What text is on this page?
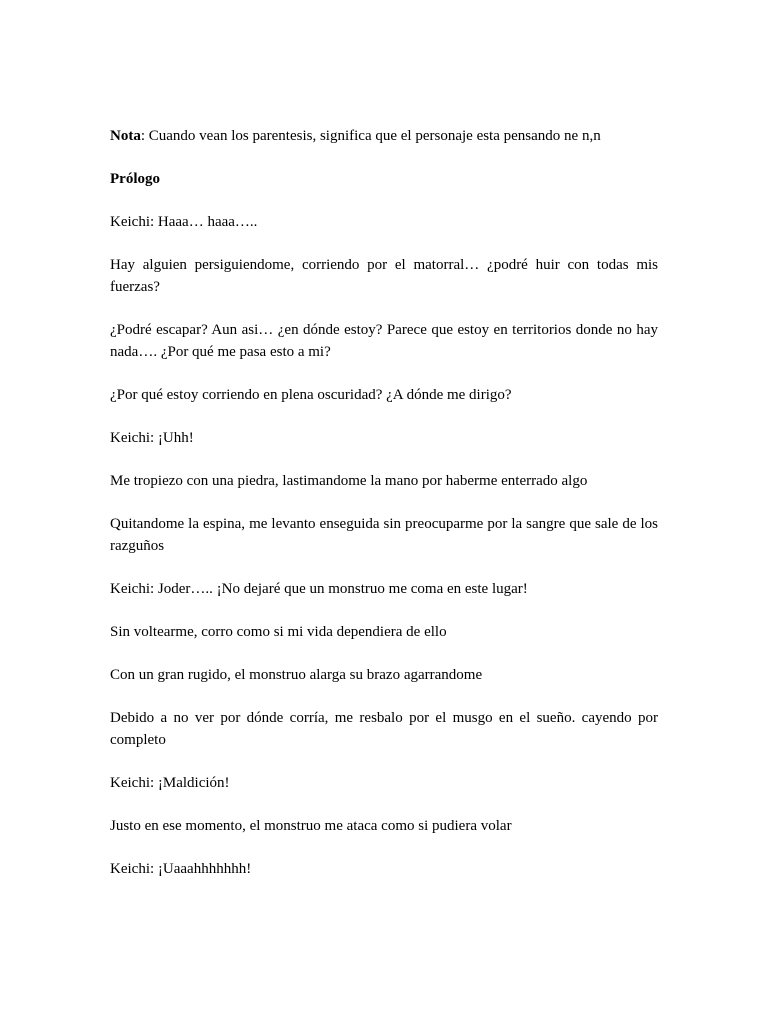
Nota: Cuando vean los parentesis, significa que el personaje esta pensando ne n,n

Prólogo

Keichi: Haaa… haaa…..

Hay alguien persiguiendome, corriendo por el matorral… ¿podré huir con todas mis fuerzas?

¿Podré escapar? Aun asi… ¿en dónde estoy? Parece que estoy en territorios donde no hay nada…. ¿Por qué me pasa esto a mi?

¿Por qué estoy corriendo en plena oscuridad? ¿A dónde me dirigo?

Keichi: ¡Uhh!

Me tropiezo con una piedra, lastimandome la mano por haberme enterrado algo

Quitandome la espina, me levanto enseguida sin preocuparme por la sangre que sale de los razguños

Keichi: Joder….. ¡No dejaré que un monstruo me coma en este lugar!

Sin voltearme, corro como si mi vida dependiera de ello

Con un gran rugido, el monstruo alarga su brazo agarrandome

Debido a no ver por dónde corría, me resbalo por el musgo en el sueño. cayendo por completo

Keichi: ¡Maldición!

Justo en ese momento, el monstruo me ataca como si pudiera volar

Keichi: ¡Uaaahhhhhhh!
